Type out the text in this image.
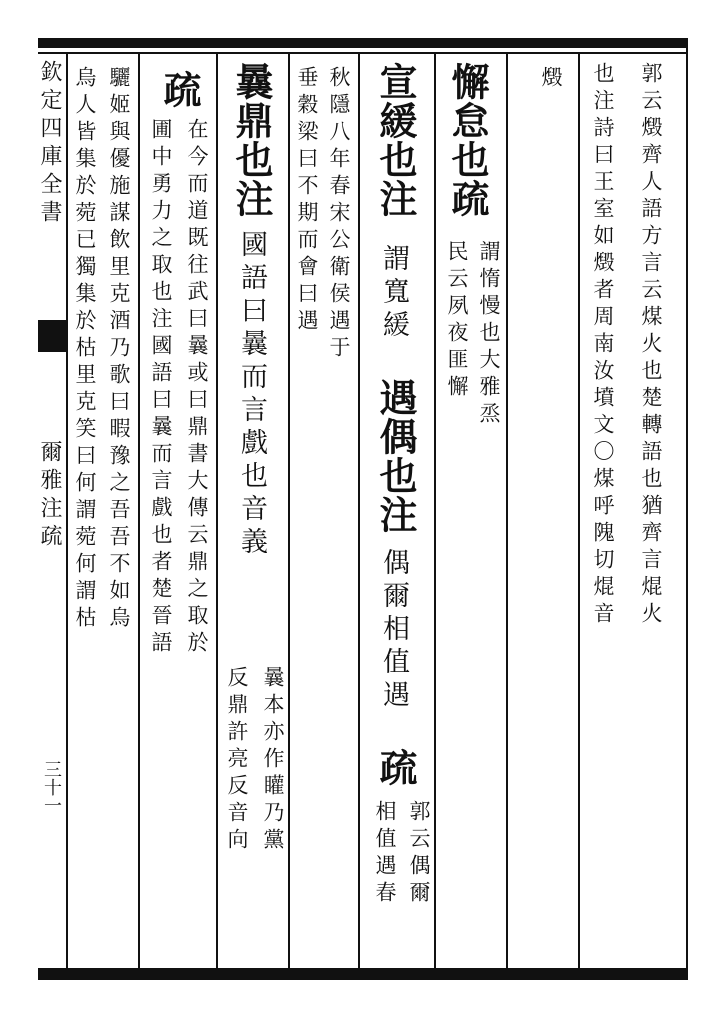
欽定四庫全書
爾雅注疏
三十一
郭云燬齊人語方言云煤火也楚轉語也猶齊言焜火
也注詩曰王室如燬者周南汝墳文〇煤呼隗切焜音
燬
懈怠也疏
謂惰慢也大雅烝
民云夙夜匪懈
宣緩也注
謂寬緩
遇偶也注
偶爾相值遇
疏
郭云偶爾
相值遇春
秋隱八年春宋公衛侯遇于
垂穀梁曰不期而會曰遇
曩鼎也注
國語曰曩而言戲也音義
曩本亦作矔乃黨
反鼎許亮反音向
疏
在今而道既往武曰曩或曰鼎書大傳云鼎之取於
圃中勇力之取也注國語曰曩而言戲也者楚晉語
驪姬與優施謀飲里克酒乃歌曰暇豫之吾吾不如烏
烏人皆集於菀已獨集於枯里克笑曰何謂菀何謂枯
